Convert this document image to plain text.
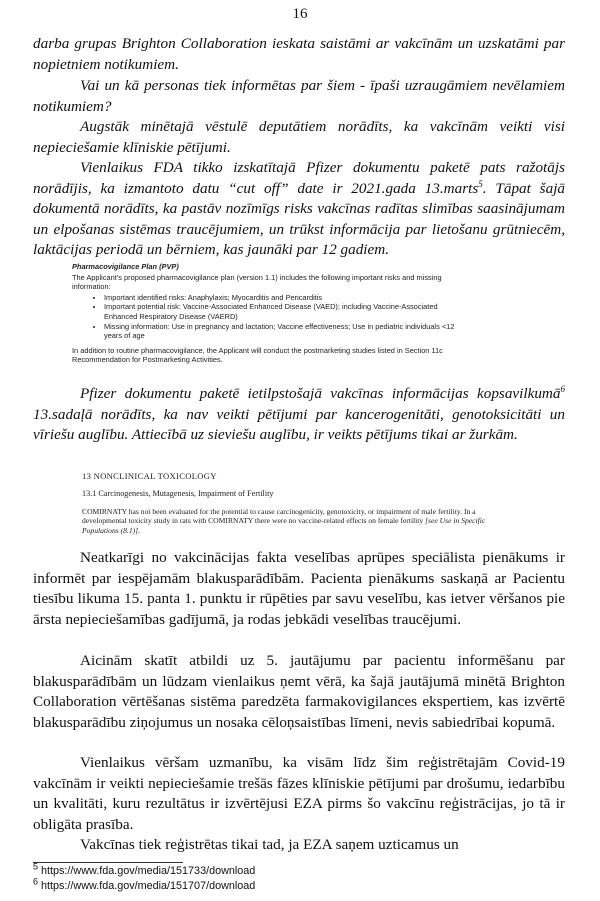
16
darba grupas Brighton Collaboration ieskata saistāmi ar vakcīnām un uzskatāmi par nopietniem notikumiem.
Vai un kā personas tiek informētas par šiem - īpaši uzraugāmiem nevēlamiem notikumiem?
Augstāk minētajā vēstulē deputātiem norādīts, ka vakcīnām veikti visi nepieciešamie klīniskie pētījumi.
Vienlaikus FDA tikko izskatītajā Pfizer dokumentu paketē pats ražotājs norādījis, ka izmantoto datu “cut off” date ir 2021.gada 13.marts$^5$. Tāpat šajā dokumentā norādīts, ka pastāv nozīmīgs risks vakcīnas radītas slimības saasinājumam un elpošanas sistēmas traucējumiem, un trūkst informācija par lietošanu grūtniecēm, laktācijas periodā un bērniem, kas jaunāki par 12 gadiem.
Pharmacovigilance Plan (PVP)
The Applicant’s proposed pharmacovigilance plan (version 1.1) includes the following important risks and missing information:
• Important identified risks: Anaphylaxis; Myocarditis and Pericarditis
• Important potential risk: Vaccine-Associated Enhanced Disease (VAED); including Vaccine-Associated Enhanced Respiratory Disease (VAERD)
• Missing information: Use in pregnancy and lactation; Vaccine effectiveness; Use in pediatric individuals <12 years of age
In addition to routine pharmacovigilance, the Applicant will conduct the postmarketing studies listed in Section 11c Recommendation for Postmarketing Activities.
Pfizer dokumentu paketē ietilpstošajā vakcīnas informācijas kopsavilkumā$^6$ 13.sadaļā norādīts, ka nav veikti pētījumi par kancerogenitāti, genotoksicitāti un vīriešu auglību. Attiecībā uz sieviešu auglību, ir veikts pētījums tikai ar žurkām.
13 NONCLINICAL TOXICOLOGY
13.1 Carcinogenesis, Mutagenesis, Impairment of Fertility
COMIRNATY has not been evaluated for the potential to cause carcinogenicity, genotoxicity, or impairment of male fertility. In a developmental toxicity study in rats with COMIRNATY there were no vaccine-related effects on female fertility [see Use in Specific Populations (8.1)].
Neatkarīgi no vakcinācijas fakta veselības aprūpes speciālista pienākums ir informēt par iespējamām blakusparādībām. Pacienta pienākums saskaņā ar Pacientu tiesību likuma 15. panta 1. punktu ir rūpēties par savu veselību, kas ietver vēršanos pie ārsta nepieciešamības gadījumā, ja rodas jebkādi veselības traucējumi.
Aicinām skatīt atbildi uz 5. jautājumu par pacientu informēšanu par blakusparādībām un lūdzam vienlaikus ņemt vērā, ka šajā jautājumā minētā Brighton Collaboration vērtēšanas sistēma paredzēta farmakovigilances ekspertiem, kas izvērtē blakusparādību ziņojumus un nosaka cēloņsaistības līmeni, nevis sabiedrībai kopumā.
Vienlaikus vēršam uzmanību, ka visām līdz šim reģistrētajām Covid-19 vakcīnām ir veikti nepieciešamie trešās fāzes klīniskie pētījumi par drošumu, iedarbību un kvalitāti, kuru rezultātus ir izvērtējusi EZA pirms šo vakcīnu reģistrācijas, jo tā ir obligāta prasība.
Vakcīnas tiek reģistrētas tikai tad, ja EZA saņem uzticamus un
$^5$ https://www.fda.gov/media/151733/download
$^6$ https://www.fda.gov/media/151707/download
